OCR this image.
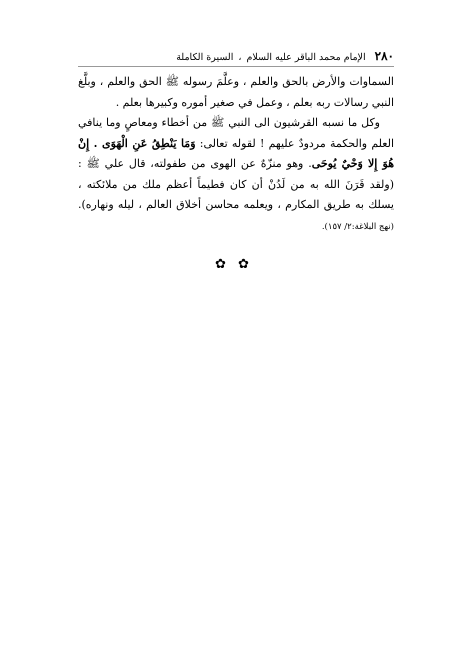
٢٨٠ الإمام محمد الباقر عليه السلام ، السيرة الكاملة

السماوات والأرض بالحق والعلم ، وعلَّمَ رسوله ﷺ الحق والعلم ، وبلَّغ النبي رسالات ربه بعلم ، وعمل في صغير أموره وكبيرها بعلم .

وكل ما نسبه القرشيون الى النبي ﷺ من أخطاء ومعاصٍ وما ينافي العلم والحكمة مردودٌ عليهم ! لقوله تعالى: وَمَا يَنْطِقُ عَنِ الْهَوَى . إِنْ هُوَ إِلا وَحْيٌ يُوحَى. وهو منزّهٌ عن الهوى من طفولته، قال علي ﷺ : (ولقد قَرَنَ الله به من لَدُنْ أن كان فطيماً أعظم ملك من ملائكته ، يسلك به طريق المكارم ، ويعلمه محاسن أخلاق العالم ، ليله ونهاره).(نهج البلاغة:٢/ ١٥٧).

✿ ✿
